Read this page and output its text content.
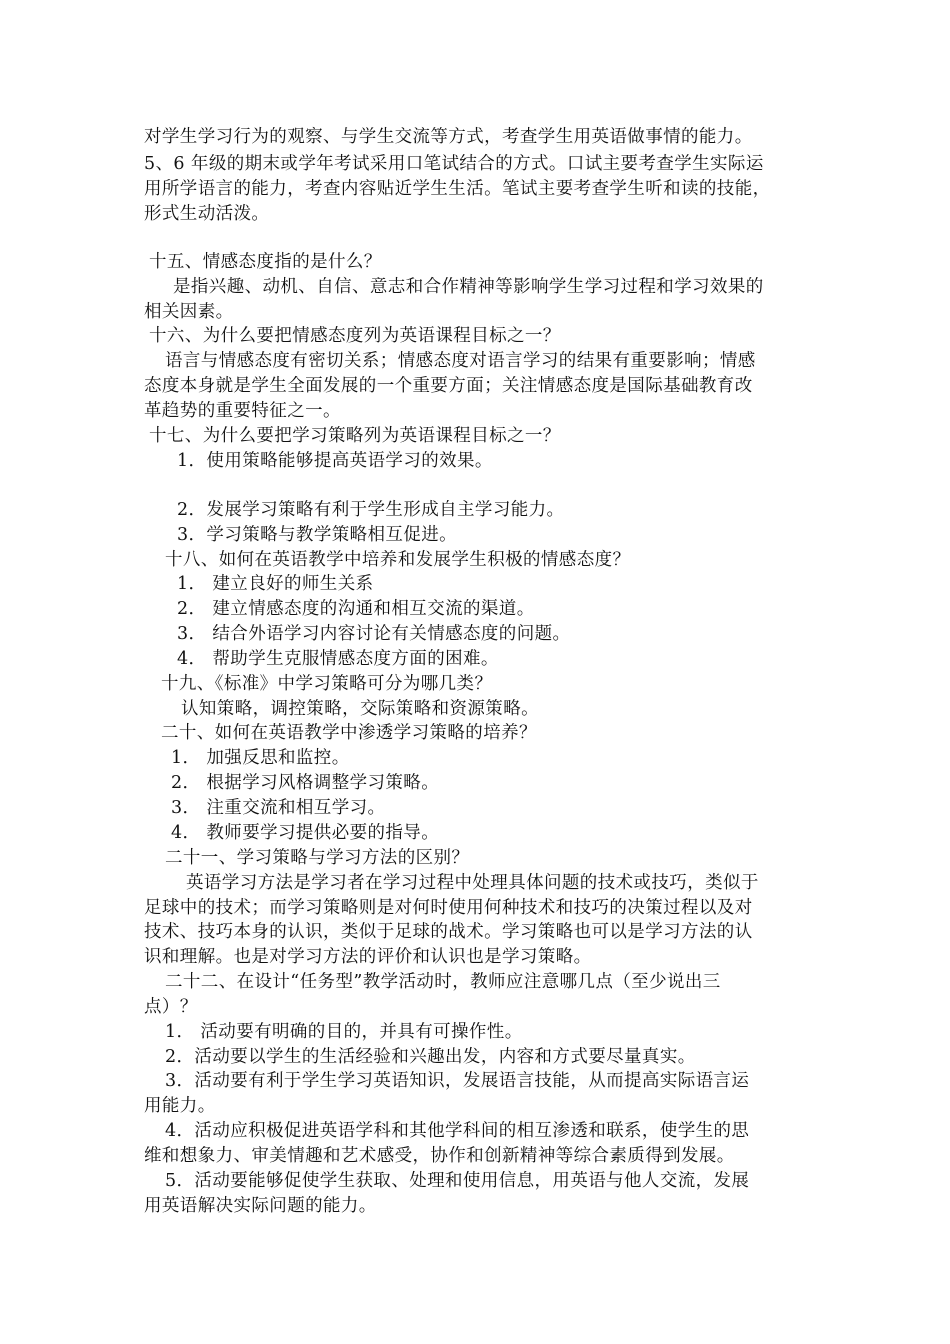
对学生学习行为的观察、与学生交流等方式，考查学生用英语做事情的能力。
5、6 年级的期末或学年考试采用口笔试结合的方式。口试主要考查学生实际运
用所学语言的能力，考查内容贴近学生生活。笔试主要考查学生听和读的技能，
形式生动活泼。
十五、情感态度指的是什么？
是指兴趣、动机、自信、意志和合作精神等影响学生学习过程和学习效果的
相关因素。
十六、为什么要把情感态度列为英语课程目标之一？
语言与情感态度有密切关系；情感态度对语言学习的结果有重要影响；情感
态度本身就是学生全面发展的一个重要方面；关注情感态度是国际基础教育改
革趋势的重要特征之一。
十七、为什么要把学习策略列为英语课程目标之一？
1．使用策略能够提高英语学习的效果。
2．发展学习策略有利于学生形成自主学习能力。
3．学习策略与教学策略相互促进。
十八、如何在英语教学中培养和发展学生积极的情感态度？
1． 建立良好的师生关系
2． 建立情感态度的沟通和相互交流的渠道。
3． 结合外语学习内容讨论有关情感态度的问题。
4． 帮助学生克服情感态度方面的困难。
十九、《标准》中学习策略可分为哪几类？
认知策略，调控策略，交际策略和资源策略。
二十、如何在英语教学中渗透学习策略的培养？
1． 加强反思和监控。
2． 根据学习风格调整学习策略。
3． 注重交流和相互学习。
4． 教师要学习提供必要的指导。
二十一、学习策略与学习方法的区别？
英语学习方法是学习者在学习过程中处理具体问题的技术或技巧，类似于
足球中的技术；而学习策略则是对何时使用何种技术和技巧的决策过程以及对
技术、技巧本身的认识，类似于足球的战术。学习策略也可以是学习方法的认
识和理解。也是对学习方法的评价和认识也是学习策略。
二十二、在设计“任务型”教学活动时，教师应注意哪几点（至少说出三
点）？
1． 活动要有明确的目的，并具有可操作性。
2．活动要以学生的生活经验和兴趣出发，内容和方式要尽量真实。
3．活动要有利于学生学习英语知识，发展语言技能，从而提高实际语言运
用能力。
4．活动应积极促进英语学科和其他学科间的相互渗透和联系，使学生的思
维和想象力、审美情趣和艺术感受，协作和创新精神等综合素质得到发展。
5．活动要能够促使学生获取、处理和使用信息，用英语与他人交流，发展
用英语解决实际问题的能力。
